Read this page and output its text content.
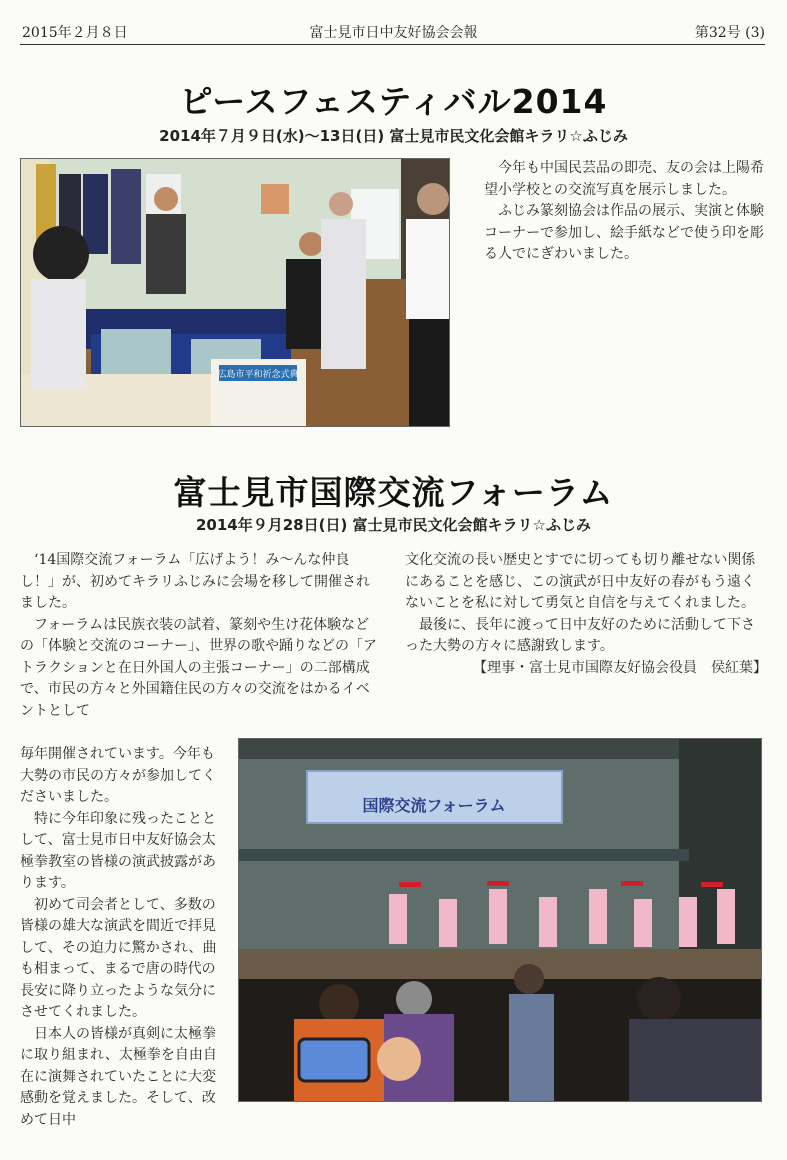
2015年２月８日	富士見市日中友好協会会報	第32号 (3)
ピースフェスティバル2014
2014年７月９日(水)～13日(日) 富士見市民文化会館キラリ☆ふじみ
広島市平和祈念式典

今年も中国民芸品の即売、友の会は上陽希望小学校との交流写真を展示しました。

ふじみ篆刻協会は作品の展示、実演と体験コーナーで参加し、絵手紙などで使う印を彫る人でにぎわいました。

富士見市国際交流フォーラム
2014年９月28日(日) 富士見市民文化会館キラリ☆ふじみ

‘14国際交流フォーラム「広げよう！み～んな仲良し！」が、初めてキラリふじみに会場を移して開催されました。

フォーラムは民族衣装の試着、篆刻や生け花体験などの「体験と交流のコーナー」、世界の歌や踊りなどの「アトラクションと在日外国人の主張コーナー」の二部構成で、市民の方々と外国籍住民の方々の交流をはかるイベントとして

毎年開催されています。今年も大勢の市民の方々が参加してくださいました。

特に今年印象に残ったこととして、富士見市日中友好協会太極拳教室の皆様の演武披露があります。

初めて司会者として、多数の皆様の雄大な演武を間近で拝見して、その迫力に驚かされ、曲も相まって、まるで唐の時代の長安に降り立ったような気分にさせてくれました。

日本人の皆様が真剣に太極拳に取り組まれ、太極拳を自由自在に演舞されていたことに大変感動を覚えました。そして、改めて日中

文化交流の長い歴史とすでに切っても切り離せない関係にあることを感じ、この演武が日中友好の春がもう遠くないことを私に対して勇気と自信を与えてくれました。

最後に、長年に渡って日中友好のために活動して下さった大勢の方々に感謝致します。

【理事・富士見市国際友好協会役員　侯紅葉】

国際交流フォーラム
